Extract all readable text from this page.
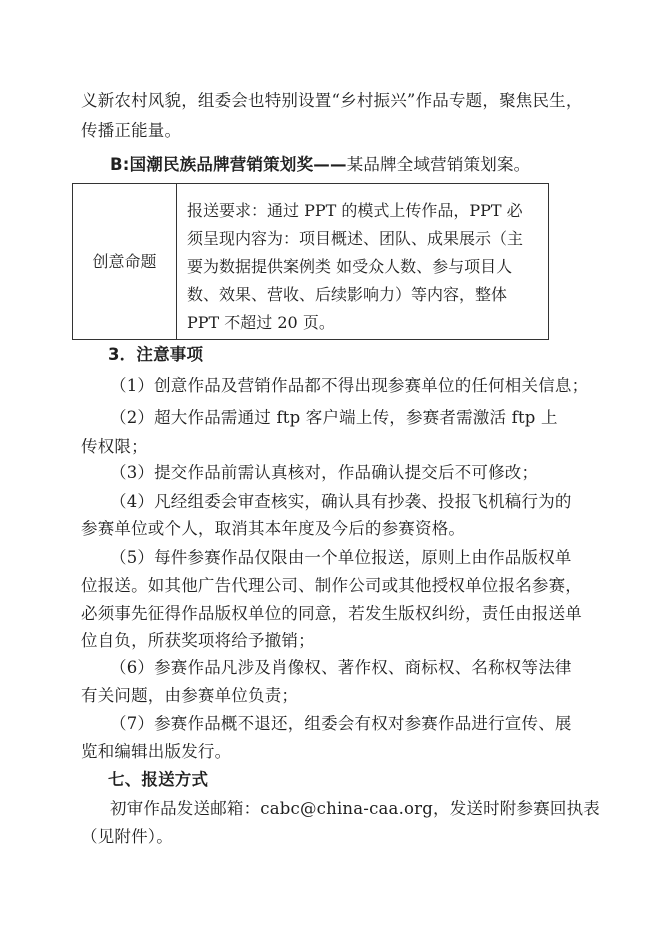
义新农村风貌，组委会也特别设置“乡村振兴”作品专题，聚焦民生，
传播正能量。
B:国潮民族品牌营销策划奖——某品牌全域营销策划案。
创意命题
报送要求：通过 PPT 的模式上传作品，PPT 必
须呈现内容为：项目概述、团队、成果展示（主
要为数据提供案例类 如受众人数、参与项目人
数、效果、营收、后续影响力）等内容，整体
PPT 不超过 20 页。
3．注意事项
（1）创意作品及营销作品都不得出现参赛单位的任何相关信息；
（2）超大作品需通过 ftp 客户端上传，参赛者需激活 ftp 上
传权限；
（3）提交作品前需认真核对，作品确认提交后不可修改；
（4）凡经组委会审查核实，确认具有抄袭、投报飞机稿行为的
参赛单位或个人，取消其本年度及今后的参赛资格。
（5）每件参赛作品仅限由一个单位报送，原则上由作品版权单
位报送。如其他广告代理公司、制作公司或其他授权单位报名参赛，
必须事先征得作品版权单位的同意，若发生版权纠纷，责任由报送单
位自负，所获奖项将给予撤销；
（6）参赛作品凡涉及肖像权、著作权、商标权、名称权等法律
有关问题，由参赛单位负责；
（7）参赛作品概不退还，组委会有权对参赛作品进行宣传、展
览和编辑出版发行。
七、报送方式
初审作品发送邮箱：cabc@china-caa.org，发送时附参赛回执表
（见附件）。
